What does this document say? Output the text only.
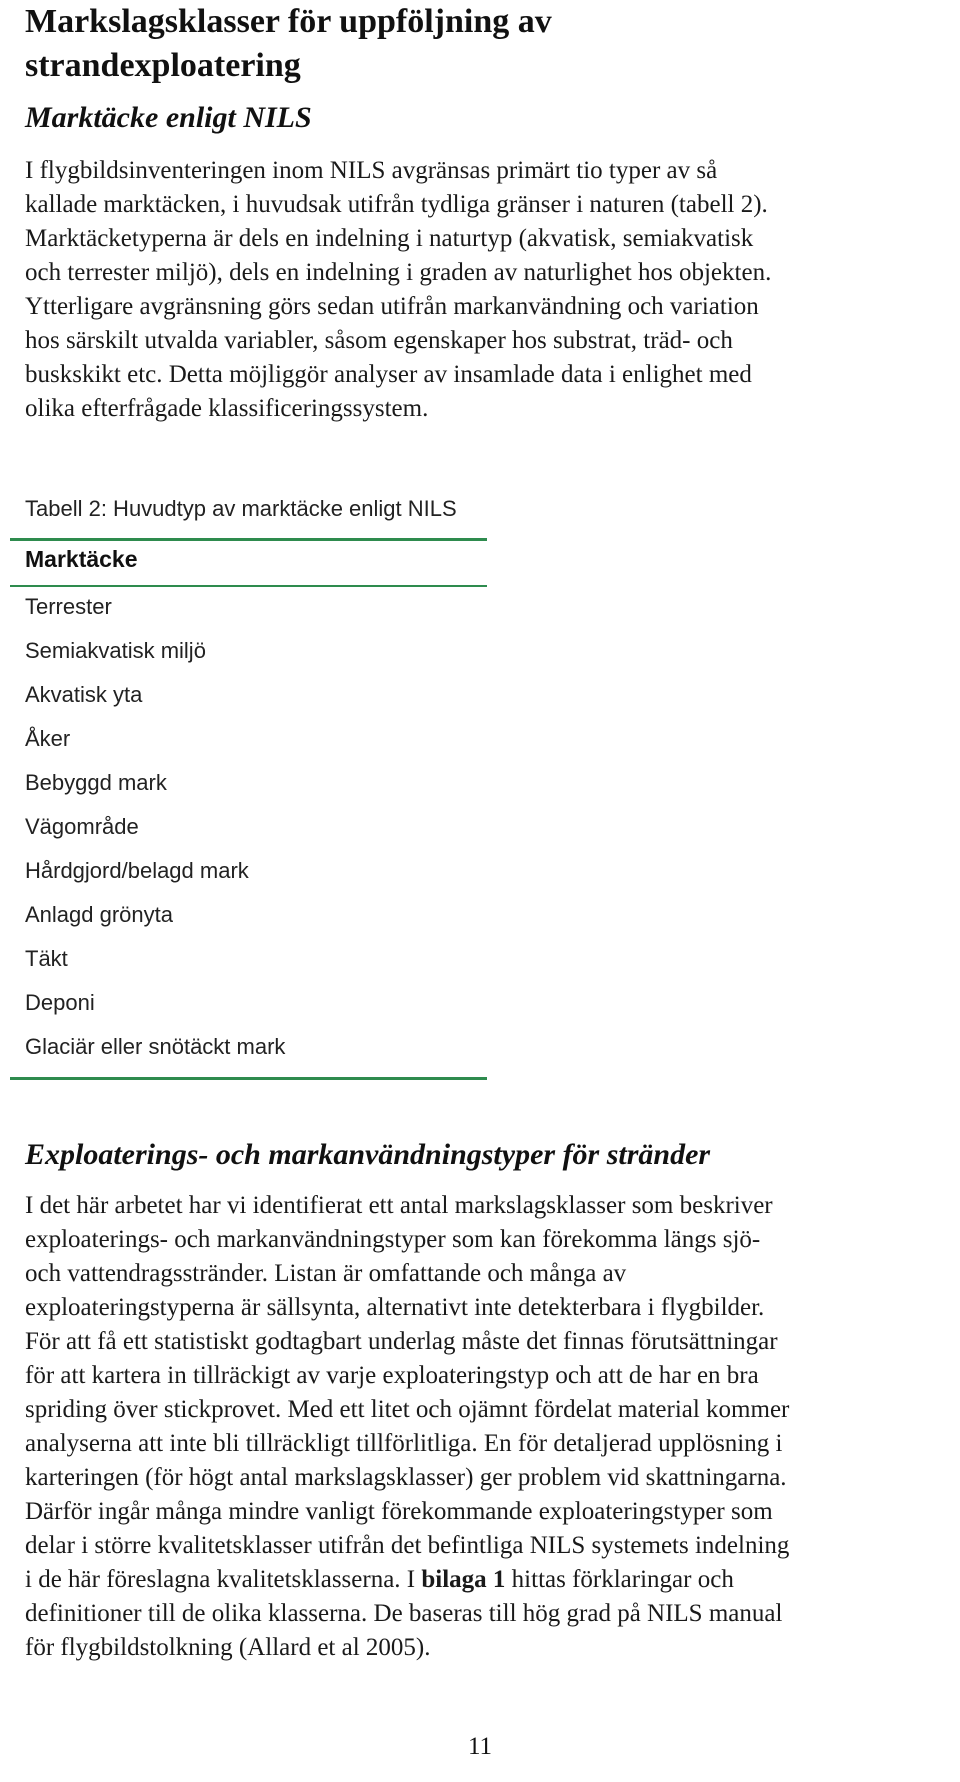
Markslagsklasser för uppföljning av
strandexploatering
Marktäcke enligt NILS
I flygbildsinventeringen inom NILS avgränsas primärt tio typer av så
kallade marktäcken, i huvudsak utifrån tydliga gränser i naturen (tabell 2).
Marktäcketyperna är dels en indelning i naturtyp (akvatisk, semiakvatisk
och terrester miljö), dels en indelning i graden av naturlighet hos objekten.
Ytterligare avgränsning görs sedan utifrån markanvändning och variation
hos särskilt utvalda variabler, såsom egenskaper hos substrat, träd- och
buskskikt etc. Detta möjliggör analyser av insamlade data i enlighet med
olika efterfrågade klassificeringssystem.

Tabell 2: Huvudtyp av marktäcke enligt NILS

Marktäcke
Terrester
Semiakvatisk miljö
Akvatisk yta
Åker
Bebyggd mark
Vägområde
Hårdgjord/belagd mark
Anlagd grönyta
Täkt
Deponi
Glaciär eller snötäckt mark
Exploaterings- och markanvändningstyper för stränder
I det här arbetet har vi identifierat ett antal markslagsklasser som beskriver
exploaterings- och markanvändningstyper som kan förekomma längs sjö-
och vattendragsstränder. Listan är omfattande och många av
exploateringstyperna är sällsynta, alternativt inte detekterbara i flygbilder.
För att få ett statistiskt godtagbart underlag måste det finnas förutsättningar
för att kartera in tillräckigt av varje exploateringstyp och att de har en bra
spriding över stickprovet. Med ett litet och ojämnt fördelat material kommer
analyserna att inte bli tillräckligt tillförlitliga. En för detaljerad upplösning i
karteringen (för högt antal markslagsklasser) ger problem vid skattningarna.
Därför ingår många mindre vanligt förekommande exploateringstyper som
delar i större kvalitetsklasser utifrån det befintliga NILS systemets indelning
i de här föreslagna kvalitetsklasserna. I bilaga 1 hittas förklaringar och
definitioner till de olika klasserna. De baseras till hög grad på NILS manual
för flygbildstolkning (Allard et al 2005).
11
